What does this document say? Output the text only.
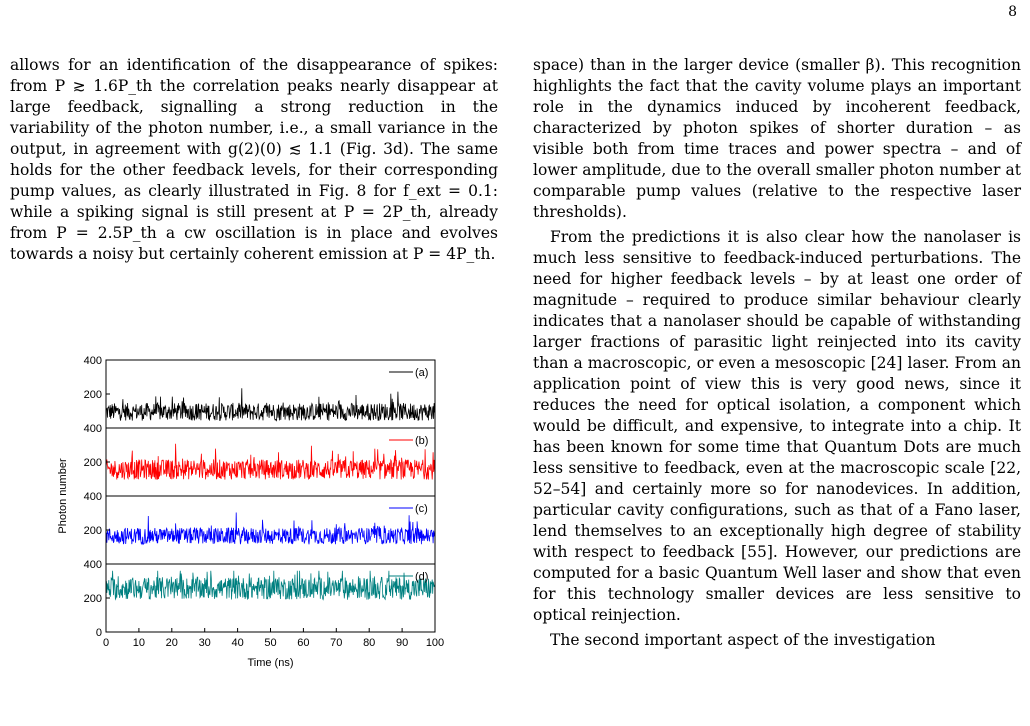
8

allows for an identification of the disappearance of spikes: from P ≳ 1.6P_th the correlation peaks nearly disappear at large feedback, signalling a strong reduction in the variability of the photon number, i.e., a small variance in the output, in agreement with g(2)(0) ≲ 1.1 (Fig. 3d). The same holds for the other feedback levels, for their corresponding pump values, as clearly illustrated in Fig. 8 for f_ext = 0.1: while a spiking signal is still present at P = 2P_th, already from P = 2.5P_th a cw oscillation is in place and evolves towards a noisy but certainly coherent emission at P = 4P_th.

space) than in the larger device (smaller β). This recognition highlights the fact that the cavity volume plays an important role in the dynamics induced by incoherent feedback, characterized by photon spikes of shorter duration – as visible both from time traces and power spectra – and of lower amplitude, due to the overall smaller photon number at comparable pump values (relative to the respective laser thresholds).

From the predictions it is also clear how the nanolaser is much less sensitive to feedback-induced perturbations. The need for higher feedback levels – by at least one order of magnitude – required to produce similar behaviour clearly indicates that a nanolaser should be capable of withstanding larger fractions of parasitic light reinjected into its cavity than a macroscopic, or even a mesoscopic [24] laser. From an application point of view this is very good news, since it reduces the need for optical isolation, a component which would be difficult, and expensive, to integrate into a chip. It has been known for some time that Quantum Dots are much less sensitive to feedback, even at the macroscopic scale [22, 52–54] and certainly more so for nanodevices. In addition, particular cavity configurations, such as that of a Fano laser, lend themselves to an exceptionally high degree of stability with respect to feedback [55]. However, our predictions are computed for a basic Quantum Well laser and show that even for this technology smaller devices are less sensitive to optical reinjection.

The second important aspect of the investigation

400
200
(a)
400
200
(b)
400
200
(c)
400
200
0
(d)
0 10 20 30 40 50 60 70 80 90 100
Time (ns)
Photon number
